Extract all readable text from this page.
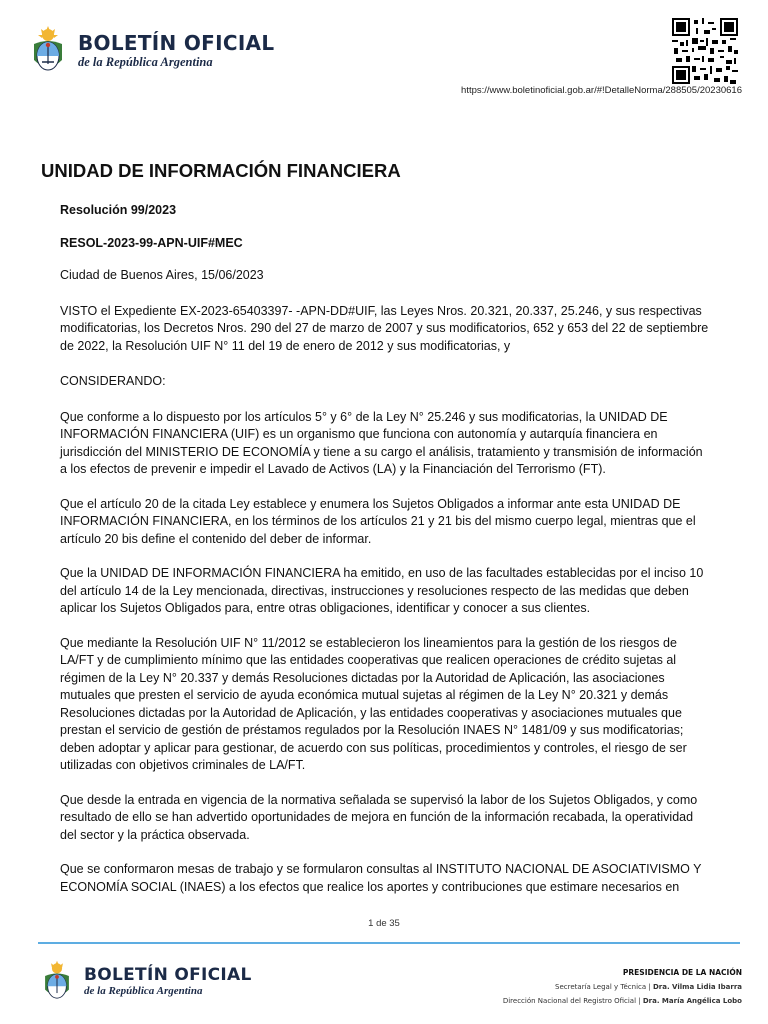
BOLETÍN OFICIAL
de la República Argentina
https://www.boletinoficial.gob.ar/#!DetalleNorma/288505/20230616
UNIDAD DE INFORMACIÓN FINANCIERA

Resolución 99/2023

RESOL-2023-99-APN-UIF#MEC

Ciudad de Buenos Aires, 15/06/2023

VISTO el Expediente EX-2023-65403397- -APN-DD#UIF, las Leyes Nros. 20.321, 20.337, 25.246, y sus respectivas modificatorias, los Decretos Nros. 290 del 27 de marzo de 2007 y sus modificatorios, 652 y 653 del 22 de septiembre de 2022, la Resolución UIF N° 11 del 19 de enero de 2012 y sus modificatorias, y

CONSIDERANDO:

Que conforme a lo dispuesto por los artículos 5° y 6° de la Ley N° 25.246 y sus modificatorias, la UNIDAD DE INFORMACIÓN FINANCIERA (UIF) es un organismo que funciona con autonomía y autarquía financiera en jurisdicción del MINISTERIO DE ECONOMÍA y tiene a su cargo el análisis, tratamiento y transmisión de información a los efectos de prevenir e impedir el Lavado de Activos (LA) y la Financiación del Terrorismo (FT).

Que el artículo 20 de la citada Ley establece y enumera los Sujetos Obligados a informar ante esta UNIDAD DE INFORMACIÓN FINANCIERA, en los términos de los artículos 21 y 21 bis del mismo cuerpo legal, mientras que el artículo 20 bis define el contenido del deber de informar.

Que la UNIDAD DE INFORMACIÓN FINANCIERA ha emitido, en uso de las facultades establecidas por el inciso 10 del artículo 14 de la Ley mencionada, directivas, instrucciones y resoluciones respecto de las medidas que deben aplicar los Sujetos Obligados para, entre otras obligaciones, identificar y conocer a sus clientes.

Que mediante la Resolución UIF N° 11/2012 se establecieron los lineamientos para la gestión de los riesgos de LA/FT y de cumplimiento mínimo que las entidades cooperativas que realicen operaciones de crédito sujetas al régimen de la Ley N° 20.337 y demás Resoluciones dictadas por la Autoridad de Aplicación, las asociaciones mutuales que presten el servicio de ayuda económica mutual sujetas al régimen de la Ley N° 20.321 y demás Resoluciones dictadas por la Autoridad de Aplicación, y las entidades cooperativas y asociaciones mutuales que prestan el servicio de gestión de préstamos regulados por la Resolución INAES N° 1481/09 y sus modificatorias; deben adoptar y aplicar para gestionar, de acuerdo con sus políticas, procedimientos y controles, el riesgo de ser utilizadas con objetivos criminales de LA/FT.

Que desde la entrada en vigencia de la normativa señalada se supervisó la labor de los Sujetos Obligados, y como resultado de ello se han advertido oportunidades de mejora en función de la información recabada, la operatividad del sector y la práctica observada.

Que se conformaron mesas de trabajo y se formularon consultas al INSTITUTO NACIONAL DE ASOCIATIVISMO Y ECONOMÍA SOCIAL (INAES) a los efectos que realice los aportes y contribuciones que estimare necesarios en

1 de 35
BOLETÍN OFICIAL
de la República Argentina
PRESIDENCIA DE LA NACIÓN
Secretaría Legal y Técnica | Dra. Vilma Lidia Ibarra
Dirección Nacional del Registro Oficial | Dra. María Angélica Lobo
